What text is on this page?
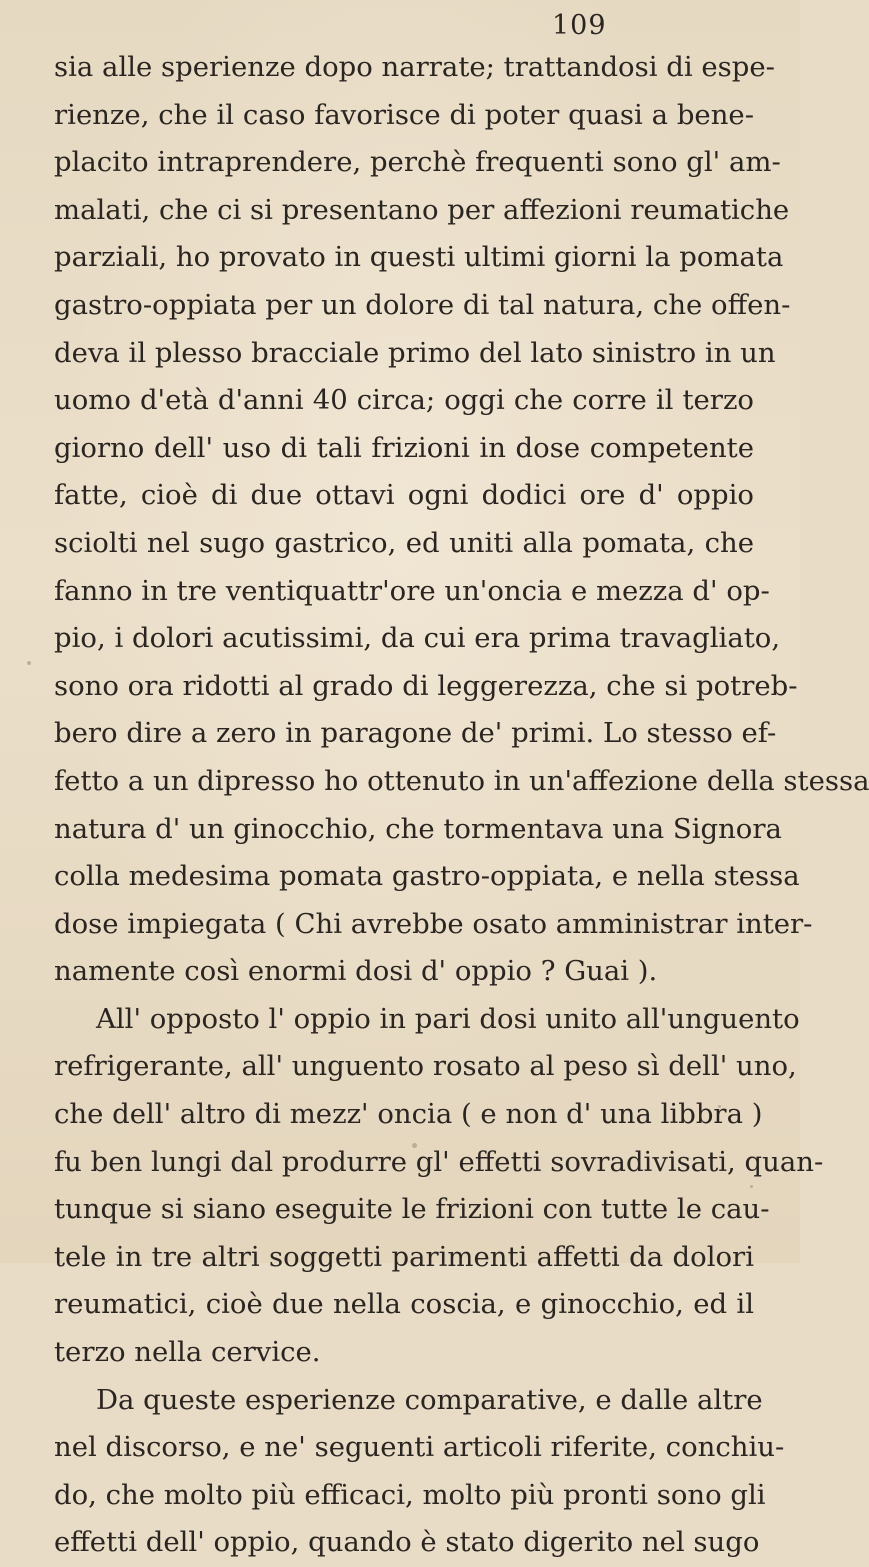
109
sia alle sperienze dopo narrate; trattandosi di espe-
rienze, che il caso favorisce di poter quasi a bene-
placito intraprendere, perchè frequenti sono gl' am-
malati, che ci si presentano per affezioni reumatiche
parziali, ho provato in questi ultimi giorni la pomata
gastro-oppiata per un dolore di tal natura, che offen-
deva il plesso bracciale primo del lato sinistro in un
uomo d'età d'anni 40 circa; oggi che corre il terzo
giorno dell' uso di tali frizioni in dose competente
fatte, cioè di due ottavi ogni dodici ore d' oppio
sciolti nel sugo gastrico, ed uniti alla pomata, che
fanno in tre ventiquattr'ore un'oncia e mezza d' op-
pio, i dolori acutissimi, da cui era prima travagliato,
sono ora ridotti al grado di leggerezza, che si potreb-
bero dire a zero in paragone de' primi. Lo stesso ef-
fetto a un dipresso ho ottenuto in un'affezione della stessa
natura d' un ginocchio, che tormentava una Signora
colla medesima pomata gastro-oppiata, e nella stessa
dose impiegata ( Chi avrebbe osato amministrar inter-
namente così enormi dosi d' oppio ? Guai ).
All' opposto l' oppio in pari dosi unito all'unguento
refrigerante, all' unguento rosato al peso sì dell' uno,
che dell' altro di mezz' oncia ( e non d' una libbra )
fu ben lungi dal produrre gl' effetti sovradivisati, quan-
tunque si siano eseguite le frizioni con tutte le cau-
tele in tre altri soggetti parimenti affetti da dolori
reumatici, cioè due nella coscia, e ginocchio, ed il
terzo nella cervice.
Da queste esperienze comparative, e dalle altre
nel discorso, e ne' seguenti articoli riferite, conchiu-
do, che molto più efficaci, molto più pronti sono gli
effetti dell' oppio, quando è stato digerito nel sugo
